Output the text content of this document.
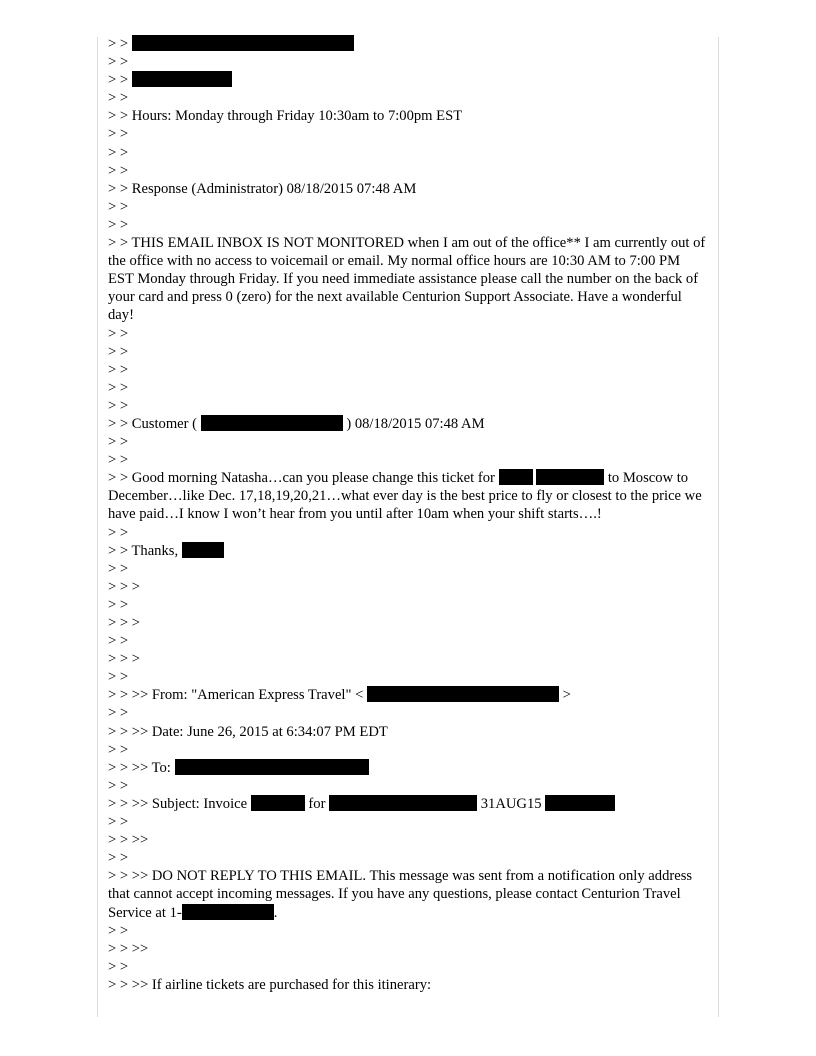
> >
> >
> >
> >
> > Hours: Monday through Friday 10:30am to 7:00pm EST
> >
> >
> >
> > Response (Administrator) 08/18/2015 07:48 AM
> >
> >
> > THIS EMAIL INBOX IS NOT MONITORED when I am out of the office** I am currently out of the office with no access to voicemail or email. My normal office hours are 10:30 AM to 7:00 PM EST Monday through Friday. If you need immediate assistance please call the number on the back of your card and press 0 (zero) for the next available Centurion Support Associate. Have a wonderful day!
> >
> >
> >
> >
> >
> > Customer (	) 08/18/2015 07:48 AM
> >
> >
> > Good morning Natasha…can you please change this ticket for
	to Moscow to December…like Dec. 17,18,19,20,21…what ever day is the best price to fly or closest to the price we have paid…I know I won’t hear from you until after 10am when your shift starts….!
> >
> > Thanks,
> >
> > >
> >
> > >
> >
> > >
> >
> > >> From: "American Express Travel" <	>
> >
> > >> Date: June 26, 2015 at 6:34:07 PM EDT
> >
> > >> To:
> >
> > >> Subject: Invoice	for	31AUG15
> >
> > >>
> >
> > >> DO NOT REPLY TO THIS EMAIL. This message was sent from a notification only address that cannot accept incoming messages. If you have any questions, please contact Centurion Travel Service at 1-	.
> >
> > >>
> >
> > >> If airline tickets are purchased for this itinerary:
